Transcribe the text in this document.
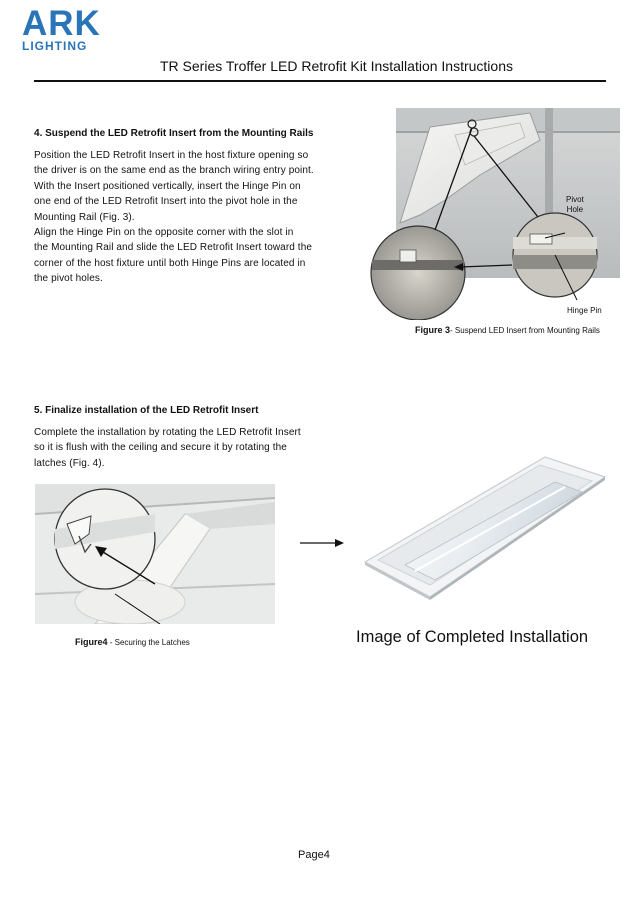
ARK
LIGHTING
TR Series Troffer LED Retrofit Kit Installation Instructions
4. Suspend the LED Retrofit Insert from the Mounting Rails
Position the LED Retrofit Insert in the host fixture opening so
the driver is on the same end as the branch wiring entry point.
With the Insert positioned vertically, insert the Hinge Pin on
one end of the LED Retrofit Insert into the pivot hole in the
Mounting Rail (Fig. 3).
Align the Hinge Pin on the opposite corner with the slot in
the Mounting Rail and slide the LED Retrofit Insert toward the
corner of the host fixture until both Hinge Pins are located in
the pivot holes.
Pivot
Hole
Hinge Pin
Figure 3- Suspend LED Insert from Mounting Rails
5. Finalize installation of the LED Retrofit Insert
Complete the installation by rotating the LED Retrofit Insert
so it is flush with the ceiling and secure it by rotating the
latches (Fig. 4).
Figure4 - Securing the Latches	Image of Completed Installation
Page4
